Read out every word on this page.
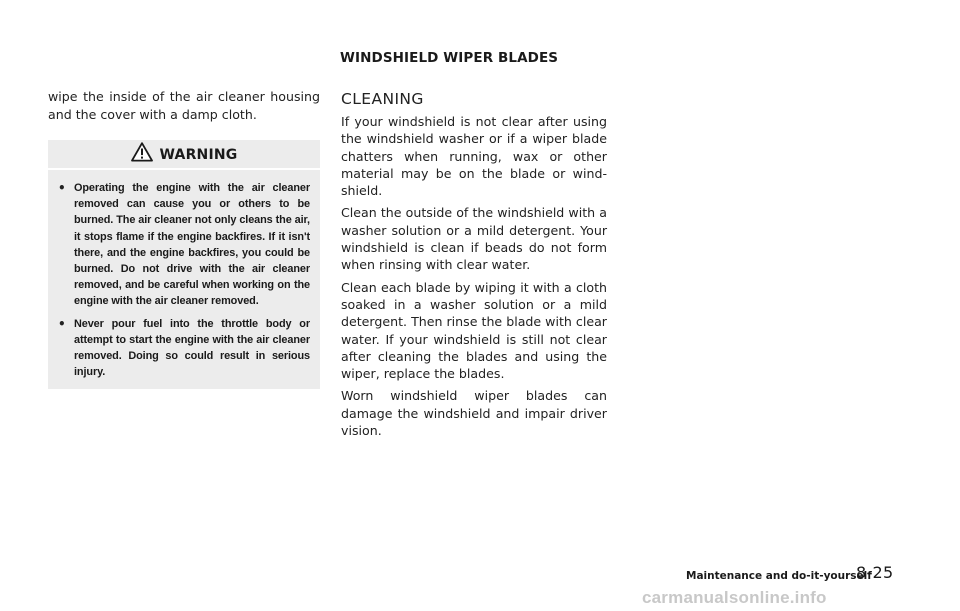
WINDSHIELD WIPER BLADES

wipe the inside of the air cleaner housing and the cover with a damp cloth.

WARNING
• Operating the engine with the air cleaner removed can cause you or others to be burned. The air cleaner not only cleans the air, it stops flame if the engine backfires. If it isn't there, and the engine backfires, you could be burned. Do not drive with the air cleaner removed, and be careful when working on the engine with the air cleaner removed.
• Never pour fuel into the throttle body or attempt to start the engine with the air cleaner removed. Doing so could result in serious injury.
CLEANING

If your windshield is not clear after using the windshield washer or if a wiper blade chatters when running, wax or other material may be on the blade or wind-shield.

Clean the outside of the windshield with a washer solution or a mild detergent. Your windshield is clean if beads do not form when rinsing with clear water.

Clean each blade by wiping it with a cloth soaked in a washer solution or a mild detergent. Then rinse the blade with clear water. If your windshield is still not clear after cleaning the blades and using the wiper, replace the blades.

Worn windshield wiper blades can damage the windshield and impair driver vision.

Maintenance and do-it-yourself
8-25
carmanualsonline.info
